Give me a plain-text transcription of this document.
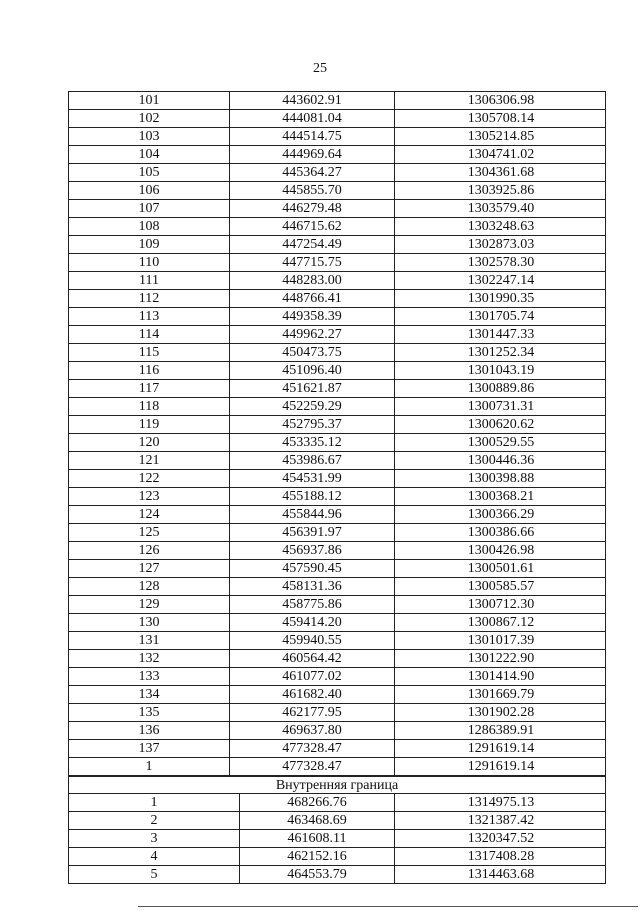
25
101	443602.91	1306306.98
102	444081.04	1305708.14
103	444514.75	1305214.85
104	444969.64	1304741.02
105	445364.27	1304361.68
106	445855.70	1303925.86
107	446279.48	1303579.40
108	446715.62	1303248.63
109	447254.49	1302873.03
110	447715.75	1302578.30
111	448283.00	1302247.14
112	448766.41	1301990.35
113	449358.39	1301705.74
114	449962.27	1301447.33
115	450473.75	1301252.34
116	451096.40	1301043.19
117	451621.87	1300889.86
118	452259.29	1300731.31
119	452795.37	1300620.62
120	453335.12	1300529.55
121	453986.67	1300446.36
122	454531.99	1300398.88
123	455188.12	1300368.21
124	455844.96	1300366.29
125	456391.97	1300386.66
126	456937.86	1300426.98
127	457590.45	1300501.61
128	458131.36	1300585.57
129	458775.86	1300712.30
130	459414.20	1300867.12
131	459940.55	1301017.39
132	460564.42	1301222.90
133	461077.02	1301414.90
134	461682.40	1301669.79
135	462177.95	1301902.28
136	469637.80	1286389.91
137	477328.47	1291619.14
1	477328.47	1291619.14
Внутренняя граница
1	468266.76	1314975.13
2	463468.69	1321387.42
3	461608.11	1320347.52
4	462152.16	1317408.28
5	464553.79	1314463.68
